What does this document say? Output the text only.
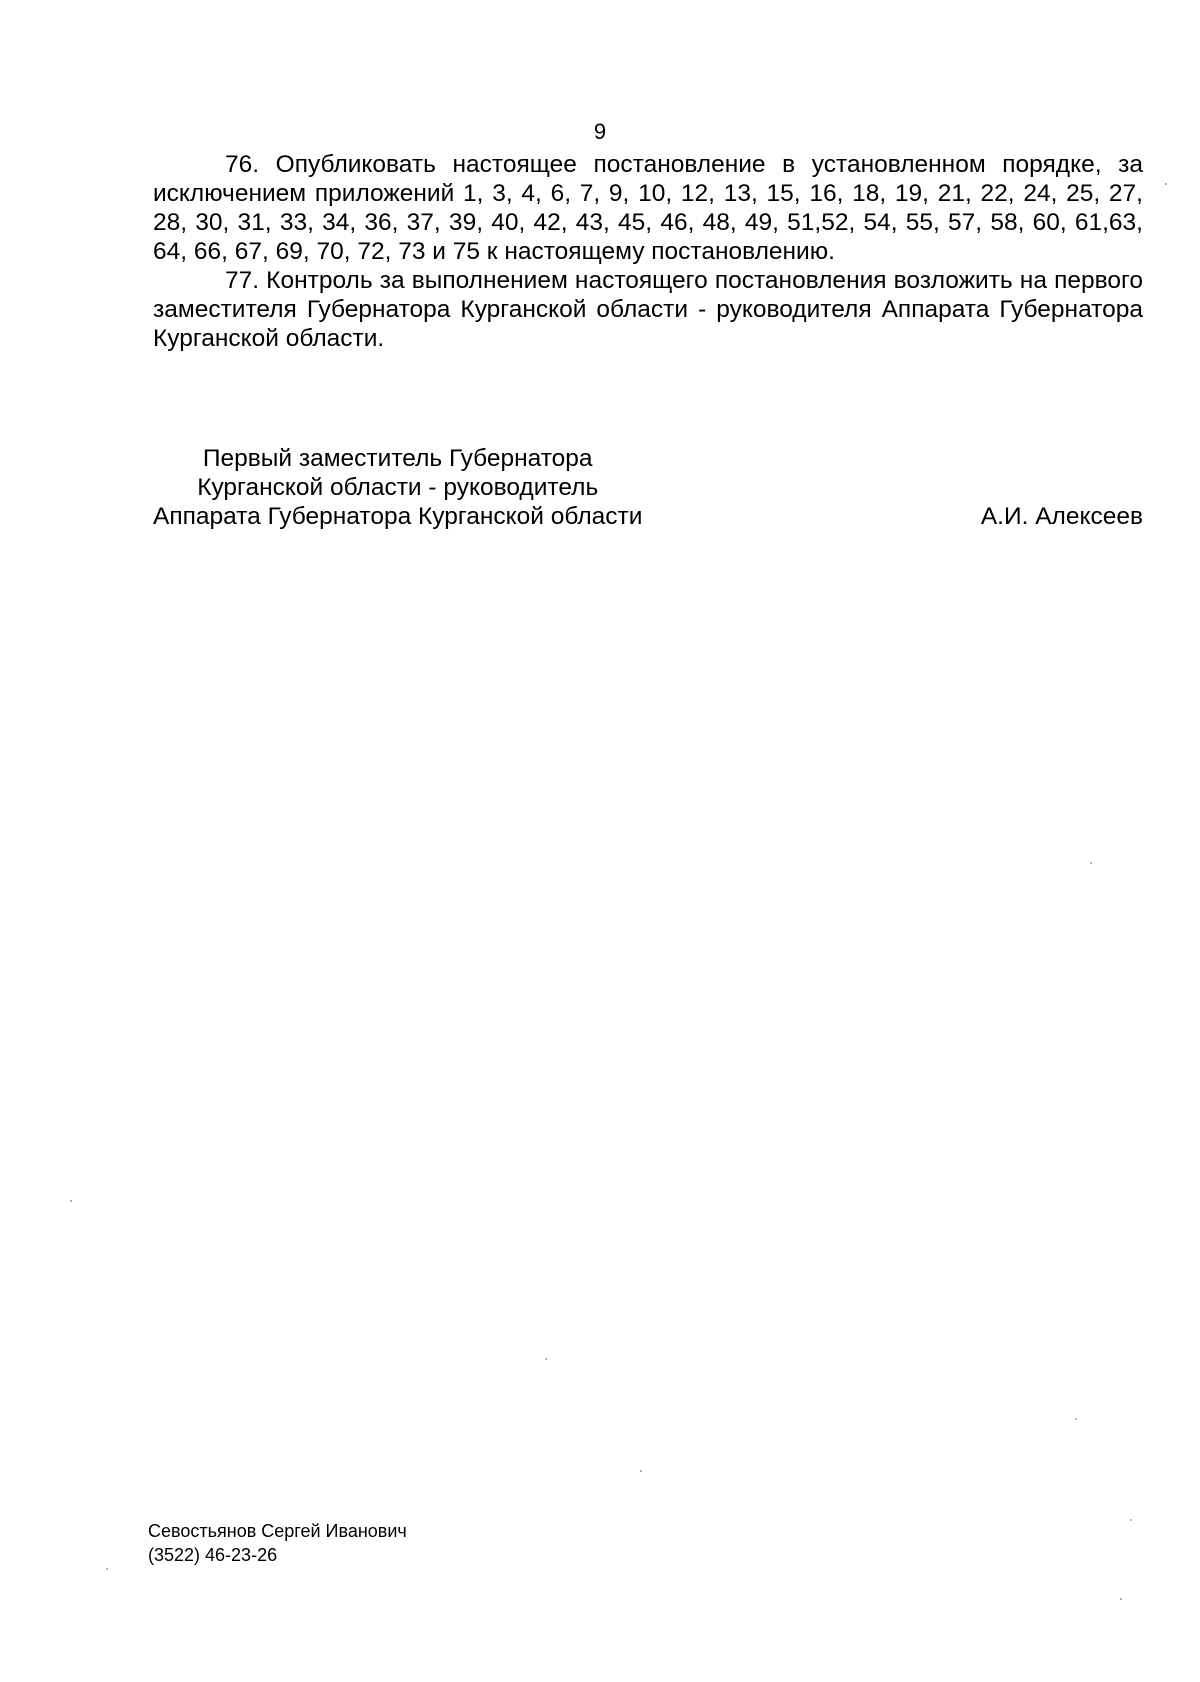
9

76. Опубликовать настоящее постановление в установленном порядке, за исключением приложений 1, 3, 4, 6, 7, 9, 10, 12, 13, 15, 16, 18, 19, 21, 22, 24, 25, 27, 28, 30, 31, 33, 34, 36, 37, 39, 40, 42, 43, 45, 46, 48, 49, 51,52, 54, 55, 57, 58, 60, 61,63, 64, 66, 67, 69, 70, 72, 73 и 75 к настоящему постановлению.

77. Контроль за выполнением настоящего постановления возложить на первого заместителя Губернатора Курганской области - руководителя Аппарата Губернатора Курганской области.

Первый заместитель Губернатора
Курганской области - руководитель
Аппарата Губернатора Курганской области	А.И. Алексеев
Севостьянов Сергей Иванович
(3522) 46-23-26
